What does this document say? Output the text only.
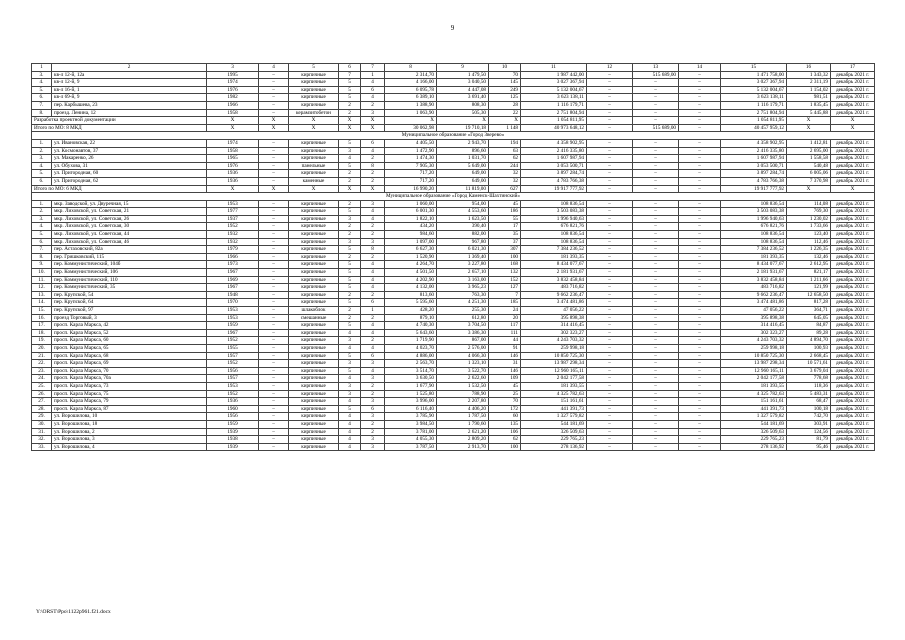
9
1	2	3	4	5	6	7	8	9	10	11	12	13	14	15	16	17
3.	кв-л 12-й, 12а	1995	–	кирпичные	7	1	2 314,70	1 479,50	70	1 987 442,00	–	515 689,00	–	1 471 758,00	1 343,32	декабрь 2021 г.
4.	кв-л 12-й, 9	1974	–	кирпичные	5	4	4 166,00	3 040,50	145	3 027 367,94	–	–	–	3 027 367,94	2 311,19	декабрь 2021 г.
5.	кв-л 16-й, 1	1976	–	кирпичные	5	6	6 095,78	4 447,08	249	5 132 004,67	–	–	–	5 132 004,67	1 154,02	декабрь 2021 г.
6.	кв-л 69-й, 9	1982	–	кирпичные	5	4	6 389,10	3 691,40	125	3 623 138,11	–	–	–	3 623 138,11	981,51	декабрь 2021 г.
7.	пер. Карбышева, 23	1966	–	кирпичные	2	2	1 388,90	808,30	28	1 116 179,71	–	–	–	1 116 179,71	1 835,45	декабрь 2021 г.
8.	проезд. Ленина, 12	1958	–	керамзитобетон	2	3	1 063,90	505,30	22	2 751 804,94	–	–	–	2 751 804,94	5 445,88	декабрь 2021 г.
Разработка проектной документации		X	X	X	X	X	X	X	X	1 054 811,95	–	–	–	1 054 811,95	X	X
Итого по МО: 8 МКД		X	X	X	X	X	30 062,98	19 710,18	1 148	40 973 648,12	–	515 689,00	–	40 457 959,12	X	X
Муниципальное образование «Город Зверево»																
1.	ул. Ивановская, 22	1974	–	кирпичные	5	6	4 405,50	2 943,70	194	4 358 902,95	–	–	–	4 358 902,95	1 412,81	декабрь 2021 г.
2.	ул. Космонавтов, 37	1958	–	кирпичные	3	4	1 472,90	896,60	63	2 416 335,80	–	–	–	2 416 335,80	2 695,00	декабрь 2021 г.
3.	ул. Макаренко, 26	1965	–	кирпичные	4	2	1 474,30	1 031,70	62	1 607 987,94	–	–	–	1 607 987,94	1 558,58	декабрь 2021 г.
4.	ул. Обухова, 31	1976	–	панельные	5	8	7 905,30	5 649,00	244	3 053 500,71	–	–	–	3 053 500,71	540,48	декабрь 2021 г.
5.	ул. Пригородная, 60	1936	–	кирпичные	2	2	717,20	649,00	32	3 897 284,74	–	–	–	3 897 284,74	6 005,06	декабрь 2021 г.
6.	ул. Пригородная, 62	1936	–	каменные	2	2	717,20	649,00	32	4 783 766,38	–	–	–	4 783 766,38	7 370,98	декабрь 2021 г.
Итого по МО: 6 МКД		X	X	X	X	X	16 990,20	11 819,00	627	19 917 777,92	–	–	–	19 917 777,92	X	X
Муниципальное образование «Город Каменск-Шахтинский»																
1.	мкр. Заводской, ул. Двуречная, 15	1953	–	кирпичные	2	3	1 060,00	954,00	45	108 836,54	–	–	–	108 836,54	114,08	декабрь 2021 г.
2.	мкр. Лиховской, ул. Советская, 21	1977	–	кирпичные	5	4	6 001,30	4 553,60	186	3 503 083,38	–	–	–	3 503 083,38	769,30	декабрь 2021 г.
3.	мкр. Лиховской, ул. Советская, 26	1937	–	кирпичные	3	4	1 822,10	1 623,50	55	1 996 940,63	–	–	–	1 996 940,63	1 230,02	декабрь 2021 г.
4.	мкр. Лиховской, ул. Советская, 30	1952	–	кирпичные	2	2	434,20	390,40	17	676 821,76	–	–	–	676 821,76	1 733,66	декабрь 2021 г.
5.	мкр. Лиховской, ул. Советская, 44	1932	–	кирпичные	2	2	984,60	882,00	35	108 836,54	–	–	–	108 836,54	123,40	декабрь 2021 г.
6.	мкр. Лиховской, ул. Советская, 46	1932	–	кирпичные	3	3	1 097,00	967,80	37	108 836,54	–	–	–	108 836,54	112,46	декабрь 2021 г.
7.	пер. Астаховский, 82а	1979	–	кирпичные	5	8	6 627,30	6 021,30	307	7 384 236,52	–	–	–	7 384 236,52	1 226,35	декабрь 2021 г.
8.	пер. Гришковский, 115	1966	–	кирпичные	2	2	1 520,90	1 369,40	100	181 393,35	–	–	–	181 393,35	132,46	декабрь 2021 г.
9.	пер. Коммунистический, 104б	1973	–	кирпичные	5	4	4 264,70	3 227,80	168	8 434 077,67	–	–	–	8 434 077,67	2 612,95	декабрь 2021 г.
10.	пер. Коммунистический, 106	1967	–	кирпичные	5	4	4 501,50	2 657,10	132	2 181 931,67	–	–	–	2 181 931,67	821,17	декабрь 2021 г.
11.	пер. Коммунистический, 110	1969	–	кирпичные	5	4	4 202,90	3 163,00	152	3 832 458,84	–	–	–	3 832 458,84	1 211,66	декабрь 2021 г.
12.	пер. Коммунистический, 35	1967	–	кирпичные	5	4	4 132,00	3 965,23	127	483 716,82	–	–	–	483 716,82	121,99	декабрь 2021 г.
13.	пер. Крупской, 54	1948	–	кирпичные	2	2	813,60	763,30	7	9 662 236,47	–	–	–	9 662 236,47	12 658,50	декабрь 2021 г.
14.	пер. Крупской, 64	1970	–	кирпичные	5	6	5 595,60	4 251,30	185	3 474 481,86	–	–	–	3 474 481,86	817,28	декабрь 2021 г.
15.	пер. Крупской, 97	1953	–	шлакоблок	2	1	428,20	255,30	24	47 056,22	–	–	–	47 056,22	364,71	декабрь 2021 г.
16.	проезд Торговый, 3	1953	–	смешанные	2	2	879,10	612,80	20	395 898,38	–	–	–	395 898,38	645,05	декабрь 2021 г.
17.	просп. Карла Маркса, 42	1959	–	кирпичные	5	4	4 740,30	3 704,50	117	314 416,45	–	–	–	314 416,45	84,87	декабрь 2021 г.
18.	просп. Карла Маркса, 52	1967	–	кирпичные	4	4	5 643,60	3 386,30	111	302 323,27	–	–	–	302 323,27	89,28	декабрь 2021 г.
19.	просп. Карла Маркса, 60	1952	–	кирпичные	3	2	1 719,90	867,00	44	4 243 703,32	–	–	–	4 243 703,32	4 894,70	декабрь 2021 г.
20.	просп. Карла Маркса, 65	1955	–	кирпичные	4	4	4 023,70	2 576,00	91	259 998,18	–	–	–	259 998,18	100,93	декабрь 2021 г.
21.	просп. Карла Маркса, 68	1957	–	кирпичные	5	6	4 886,00	4 066,30	146	10 850 725,30	–	–	–	10 850 725,30	2 668,45	декабрь 2021 г.
22.	просп. Карла Маркса, 69	1952	–	кирпичные	3	3	2 563,70	1 323,10	31	13 987 298,34	–	–	–	13 987 298,34	10 571,61	декабрь 2021 г.
23.	просп. Карла Маркса, 70	1956	–	кирпичные	5	4	3 514,70	3 522,70	146	12 960 165,11	–	–	–	12 960 165,11	3 679,04	декабрь 2021 г.
24.	просп. Карла Маркса, 70а	1957	–	кирпичные	4	3	3 630,50	2 622,60	109	2 042 177,58	–	–	–	2 042 177,58	778,68	декабрь 2021 г.
25.	просп. Карла Маркса, 73	1953	–	кирпичные	3	2	1 677,90	1 532,50	45	181 393,55	–	–	–	181 393,55	118,36	декабрь 2021 г.
26.	просп. Карла Маркса, 75	1952	–	кирпичные	3	2	1 525,80	788,90	25	4 325 782,63	–	–	–	4 325 782,63	5 483,31	декабрь 2021 г.
27.	просп. Карла Маркса, 79	1936	–	кирпичные	4	3	3 996,00	2 207,80	70	151 161,61	–	–	–	151 161,61	68,47	декабрь 2021 г.
28.	просп. Карла Маркса, 87	1960	–	кирпичные	5	6	6 116,40	4 406,20	172	441 391,73	–	–	–	441 391,73	100,18	декабрь 2021 г.
29.	ул. Ворошилова, 10	1956	–	кирпичные	4	3	3 785,90	1 787,50	60	1 327 579,82	–	–	–	1 327 579,82	742,70	декабрь 2021 г.
30.	ул. Ворошилова, 18	1959	–	кирпичные	4	2	3 984,50	1 790,60	135	544 181,69	–	–	–	544 181,69	303,91	декабрь 2021 г.
31.	ул. Ворошилова, 2	1939	–	кирпичные	4	2	3 781,00	2 621,20	106	326 509,63	–	–	–	326 509,63	124,56	декабрь 2021 г.
32.	ул. Ворошилова, 3	1938	–	кирпичные	4	3	4 055,30	2 809,20	62	229 765,23	–	–	–	229 765,23	81,79	декабрь 2021 г.
33.	ул. Ворошилова, 4	1939	–	кирпичные	4	3	3 787,50	2 913,70	100	278 136,92	–	–	–	278 136,92	95,46	декабрь 2021 г.
Y:\ORST\Ppo\1122p961.f21.docx
